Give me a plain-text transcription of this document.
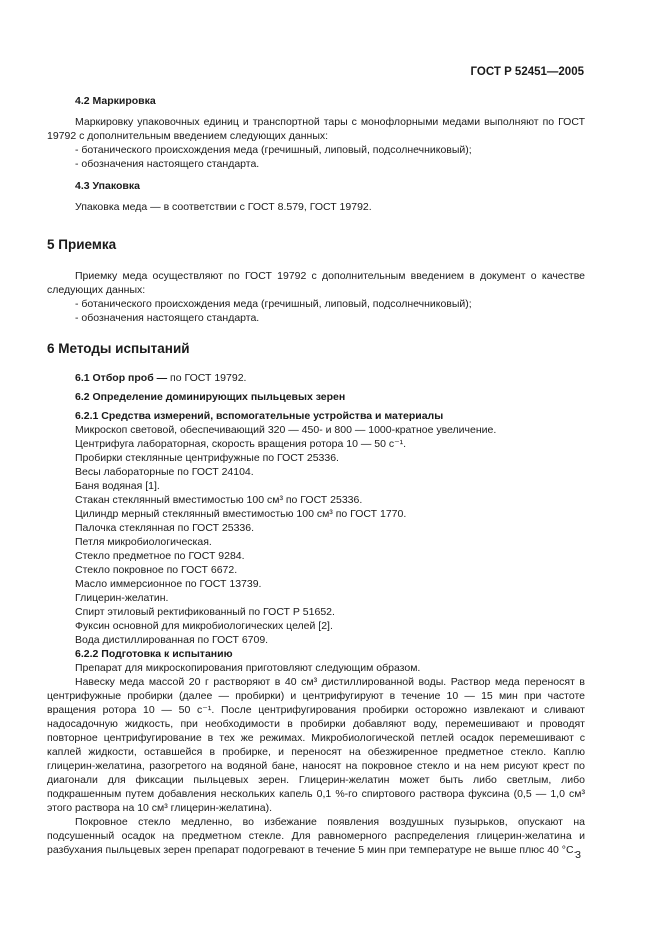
ГОСТ Р 52451—2005

4.2 Маркировка

Маркировку упаковочных единиц и транспортной тары с монофлорными медами выполняют по ГОСТ 19792 с дополнительным введением следующих данных:

- ботанического происхождения меда (гречишный, липовый, подсолнечниковый);

- обозначения настоящего стандарта.

4.3 Упаковка

Упаковка меда — в соответствии с ГОСТ 8.579, ГОСТ 19792.

5 Приемка

Приемку меда осуществляют по ГОСТ 19792 с дополнительным введением в документ о качестве следующих данных:

- ботанического происхождения меда (гречишный, липовый, подсолнечниковый);

- обозначения настоящего стандарта.

6 Методы испытаний

6.1 Отбор проб — по ГОСТ 19792.

6.2 Определение доминирующих пыльцевых зерен

6.2.1 Средства измерений, вспомогательные устройства и материалы

Микроскоп световой, обеспечивающий 320 — 450- и 800 — 1000-кратное увеличение.

Центрифуга лабораторная, скорость вращения ротора 10 — 50 с⁻¹.

Пробирки стеклянные центрифужные по ГОСТ 25336.

Весы лабораторные по ГОСТ 24104.

Баня водяная [1].

Стакан стеклянный вместимостью 100 см³ по ГОСТ 25336.

Цилиндр мерный стеклянный вместимостью 100 см³ по ГОСТ 1770.

Палочка стеклянная по ГОСТ 25336.

Петля микробиологическая.

Стекло предметное по ГОСТ 9284.

Стекло покровное по ГОСТ 6672.

Масло иммерсионное по ГОСТ 13739.

Глицерин-желатин.

Спирт этиловый ректификованный по ГОСТ Р 51652.

Фуксин основной для микробиологических целей [2].

Вода дистиллированная по ГОСТ 6709.

6.2.2 Подготовка к испытанию

Препарат для микроскопирования приготовляют следующим образом.

Навеску меда массой 20 г растворяют в 40 см³ дистиллированной воды. Раствор меда переносят в центрифужные пробирки (далее — пробирки) и центрифугируют в течение 10 — 15 мин при частоте вращения ротора 10 — 50 с⁻¹. После центрифугирования пробирки осторожно извлекают и сливают надосадочную жидкость, при необходимости в пробирки добавляют воду, перемешивают и проводят повторное центрифугирование в тех же режимах. Микробиологической петлей осадок перемешивают с каплей жидкости, оставшейся в пробирке, и переносят на обезжиренное предметное стекло. Каплю глицерин-желатина, разогретого на водяной бане, наносят на покровное стекло и на нем рисуют крест по диагонали для фиксации пыльцевых зерен. Глицерин-желатин может быть либо светлым, либо подкрашенным путем добавления нескольких капель 0,1 %-го спиртового раствора фуксина (0,5 — 1,0 см³ этого раствора на 10 см³ глицерин-желатина).

Покровное стекло медленно, во избежание появления воздушных пузырьков, опускают на подсушенный осадок на предметном стекле. Для равномерного распределения глицерин-желатина и разбухания пыльцевых зерен препарат подогревают в течение 5 мин при температуре не выше плюс 40 °С.

3
